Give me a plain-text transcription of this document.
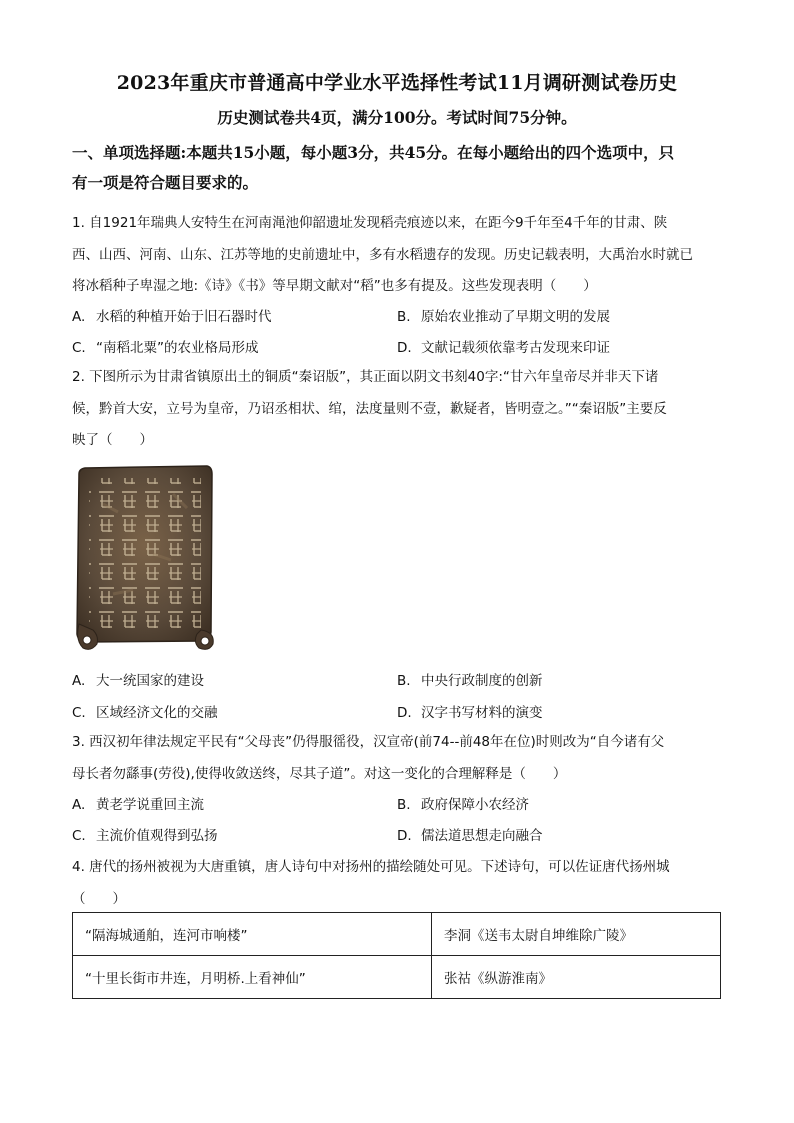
2023年重庆市普通高中学业水平选择性考试11月调研测试卷历史
历史测试卷共4页，满分100分。考试时间75分钟。
一、单项选择题:本题共15小题，每小题3分，共45分。在每小题给出的四个选项中，只
有一项是符合题目要求的。
1. 自1921年瑞典人安特生在河南渑池仰韶遗址发现稻壳痕迹以来，在距今9千年至4千年的甘肃、陕
西、山西、河南、山东、江苏等地的史前遗址中，多有水稻遗存的发现。历史记载表明，大禹治水时就已
将冰稻种子卑湿之地:《诗》《书》等早期文献对“稻”也多有提及。这些发现表明（　　）
A. 水稻的种植开始于旧石器时代	B. 原始农业推动了早期文明的发展
C. “南稻北粟”的农业格局形成	D. 文献记载须依靠考古发现来印证
2. 下图所示为甘肃省镇原出土的铜质“秦诏版”，其正面以阴文书刻40字:“甘六年皇帝尽并非天下诸
候，黔首大安，立号为皇帝，乃诏丞相状、绾，法度量则不壹，歉疑者，皆明壹之。”“秦诏版”主要反
映了（　　）
A. 大一统国家的建设	B. 中央行政制度的创新
C. 区域经济文化的交融	D. 汉字书写材料的演变
3. 西汉初年律法规定平民有“父母丧”仍得服徭役，汉宣帝(前74--前48年在位)时则改为“自今诸有父
母长者勿繇事(劳役),使得收敛送终，尽其子道”。对这一变化的合理解释是（　　）
A. 黄老学说重回主流	B. 政府保障小农经济
C. 主流价值观得到弘扬	D. 儒法道思想走向融合
4. 唐代的扬州被视为大唐重镇，唐人诗句中对扬州的描绘随处可见。下述诗句，可以佐证唐代扬州城
（　　）
“隔海城通舶，连河市响楼”	李洞《送韦太尉自坤维除广陵》
“十里长街市井连，月明桥.上看神仙”	张祜《纵游淮南》
